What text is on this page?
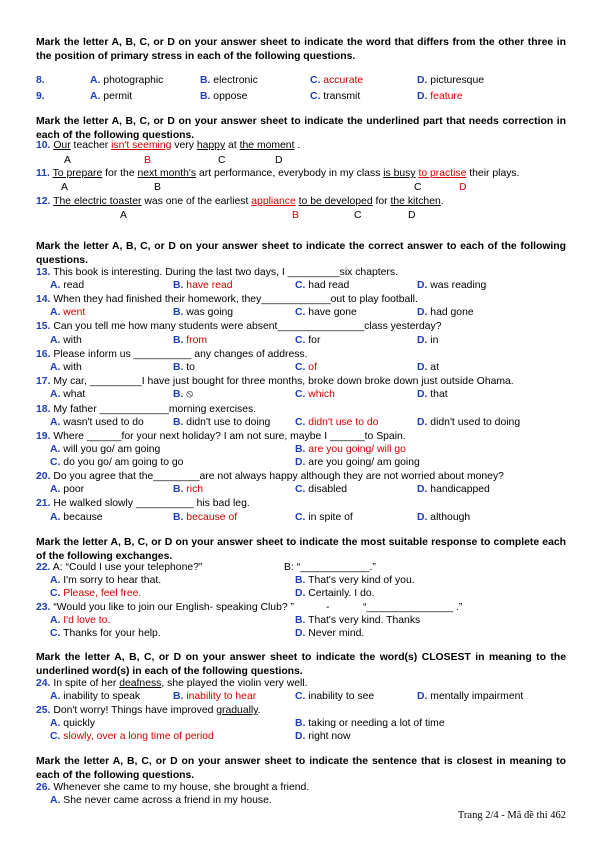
Mark the letter A, B, C, or D on your answer sheet to indicate the word that differs from the other three in the position of primary stress in each of the following questions.
8.	A. photographic	B. electronic	C. accurate	D. picturesque
9.	A. permit	B. oppose	C. transmit	D. feature
Mark the letter A, B, C, or D on your answer sheet to indicate the underlined part that needs correction in each of the following questions.
10. Our teacher isn't seeming very happy at the moment .
A	B	C	D
11. To prepare for the next month's art performance, everybody in my class is busy to practise their plays.
A	B	C	D
12. The electric toaster was one of the earliest appliance to be developed for the kitchen.
A	B	C	D
Mark the letter A, B, C, or D on your answer sheet to indicate the correct answer to each of the following questions.
13. This book is interesting. During the last two days, I _________six chapters.
A. read	B. have read	C. had read	D. was reading
14. When they had finished their homework, they____________out to play football.
A. went	B. was going	C. have gone	D. had gone
15. Can you tell me how many students were absent_______________class yesterday?
A. with	B. from	C. for	D. in
16. Please inform us __________ any changes of address.
A. with	B. to	C. of	D. at
17. My car, _________I have just bought for three months, broke down broke down just outside Ohama.
A. what	B. ⦸	C. which	D. that
18. My father ____________morning exercises.
A. wasn't used to do	B. didn't use to doing C. didn't use to do	D. didn't used to doing
19. Where ______for your next holiday? I am not sure, maybe I ______to Spain.
A. will you go/ am going	B. are you going/ will go
C. do you go/ am going to go	D. are you going/ am going
20. Do you agree that the________are not always happy although they are not worried about money?
A. poor	B. rich	C. disabled	D. handicapped
21. He walked slowly __________ his bad leg.
A. because	B. because of	C. in spite of	D. although
Mark the letter A, B, C, or D on your answer sheet to indicate the most suitable response to complete each of the following exchanges.
22. A: “Could I use your telephone?”	B: “____________.”
A. I'm sorry to hear that.	B. That's very kind of you.
C. Please, feel free.	D. Certainly. I do.
23. “Would you like to join our English- speaking Club? ”	-	“_______________ .”
A. I'd love to.	B. That's very kind. Thanks
C. Thanks for your help.	D. Never mind.
Mark the letter A, B, C, or D on your answer sheet to indicate the word(s) CLOSEST in meaning to the underlined word(s) in each of the following questions.
24. In spite of her deafness, she played the violin very well.
A. inability to speak	B. inability to hear	C. inability to see	D. mentally impairment
25. Don't worry! Things have improved gradually.
A. quickly	B. taking or needing a lot of time
C. slowly, over a long time of period	D. right now
Mark the letter A, B, C, or D on your answer sheet to indicate the sentence that is closest in meaning to each of the following questions.
26. Whenever she came to my house, she brought a friend.
A. She never came across a friend in my house.
Trang 2/4 - Mã đề thi 462
